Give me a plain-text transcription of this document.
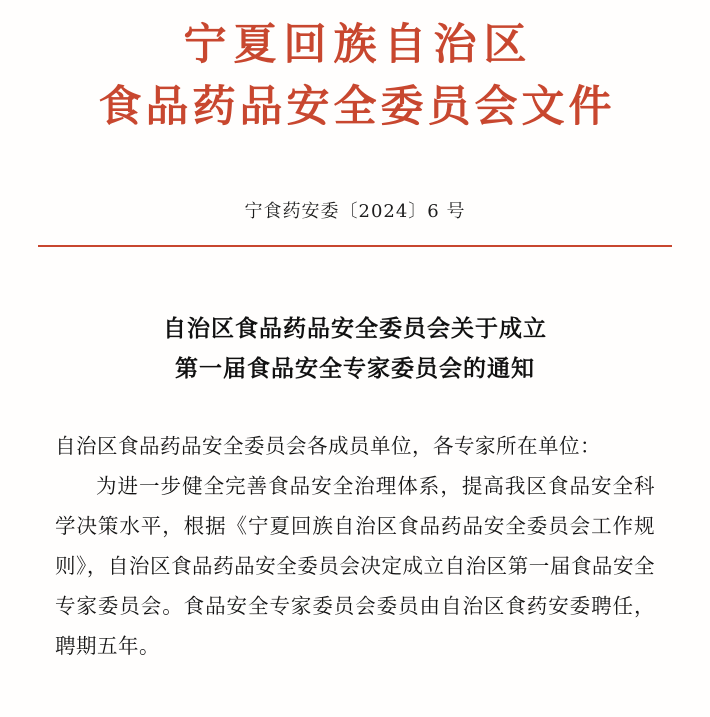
宁夏回族自治区
食品药品安全委员会文件
宁食药安委〔2024〕6 号
自治区食品药品安全委员会关于成立
第一届食品安全专家委员会的通知

自治区食品药品安全委员会各成员单位，各专家所在单位：

为进一步健全完善食品安全治理体系，提高我区食品安全科学决策水平，根据《宁夏回族自治区食品药品安全委员会工作规则》，自治区食品药品安全委员会决定成立自治区第一届食品安全专家委员会。食品安全专家委员会委员由自治区食药安委聘任，聘期五年。
